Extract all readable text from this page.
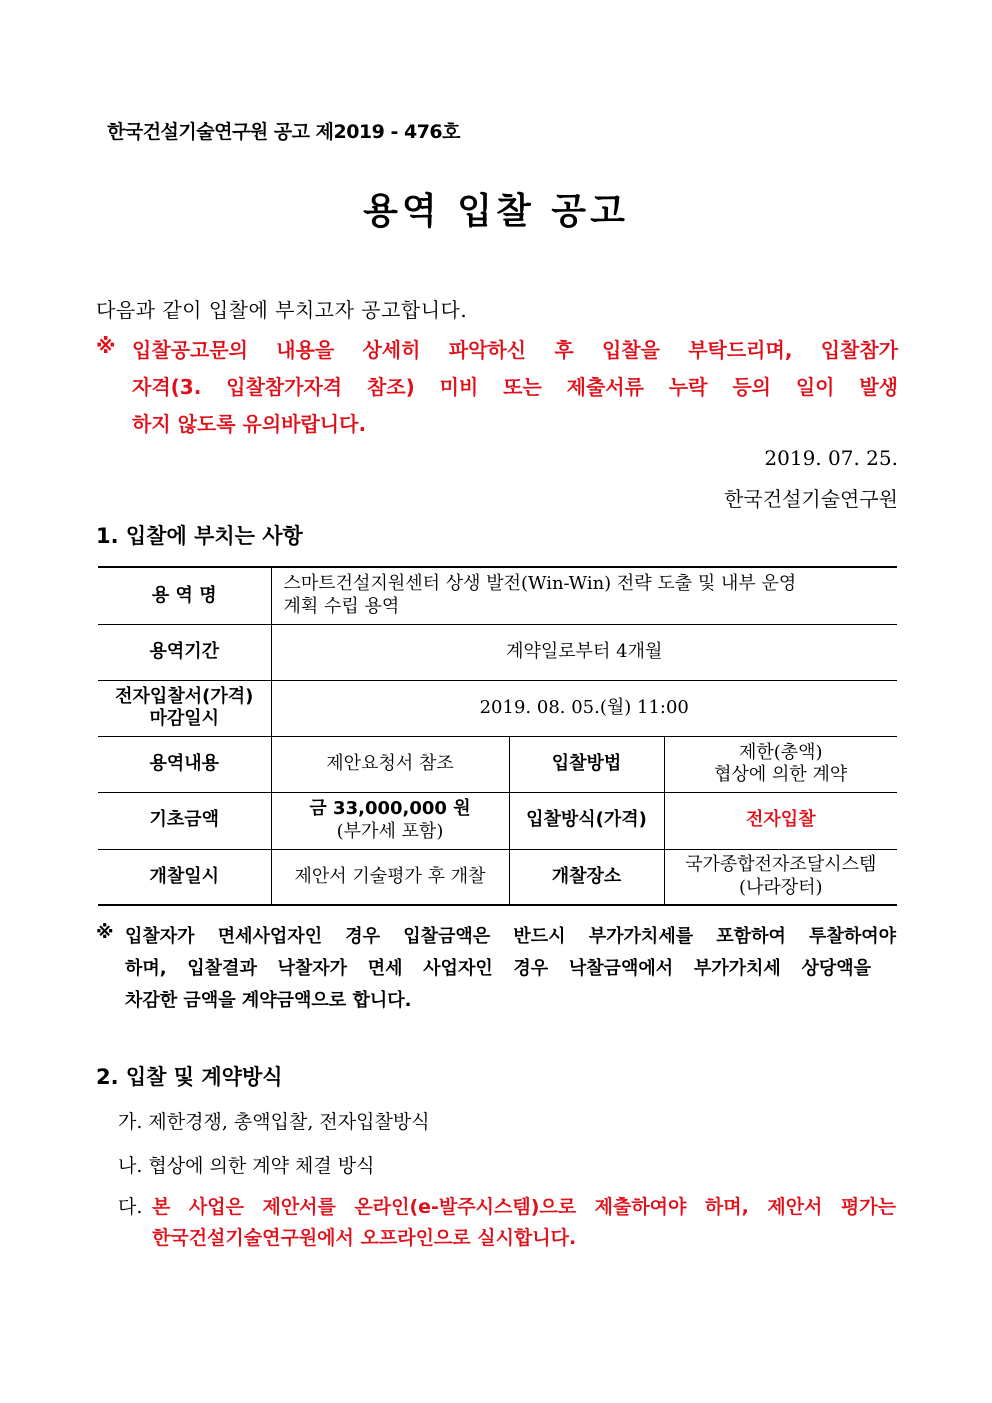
한국건설기술연구원 공고 제2019 - 476호
용역 입찰 공고
다음과 같이 입찰에 부치고자 공고합니다.
※ 입찰공고문의 내용을 상세히 파악하신 후 입찰을 부탁드리며, 입찰참가
자격(3. 입찰참가자격 참조) 미비 또는 제출서류 누락 등의 일이 발생
하지 않도록 유의바랍니다.
2019. 07. 25.
한국건설기술연구원
1. 입찰에 부치는 사항
용 역 명	스마트건설지원센터 상생 발전(Win-Win) 전략 도출 및 내부 운영
계획 수립 용역		

용역기간	계약일로부터 4개월		

전자입찰서(가격)
마감일시	2019. 08. 05.(월) 11:00		
용역내용	제안요청서 참조	입찰방법	제한(총액)
협상에 의한 계약

기초금액	금 33,000,000 원
(부가세 포함)	입찰방식(가격)	전자입찰
개찰일시	제안서 기술평가 후 개찰	개찰장소	국가종합전자조달시스템
(나라장터)
※ 입찰자가 면세사업자인 경우 입찰금액은 반드시 부가가치세를 포함하여 투찰하여야
하며, 입찰결과 낙찰자가 면세 사업자인 경우 낙찰금액에서 부가가치세 상당액을
차감한 금액을 계약금액으로 합니다.
2. 입찰 및 계약방식
가. 제한경쟁, 총액입찰, 전자입찰방식
나. 협상에 의한 계약 체결 방식
다. 본 사업은 제안서를 온라인(e-발주시스템)으로 제출하여야 하며, 제안서 평가는
한국건설기술연구원에서 오프라인으로 실시합니다.
